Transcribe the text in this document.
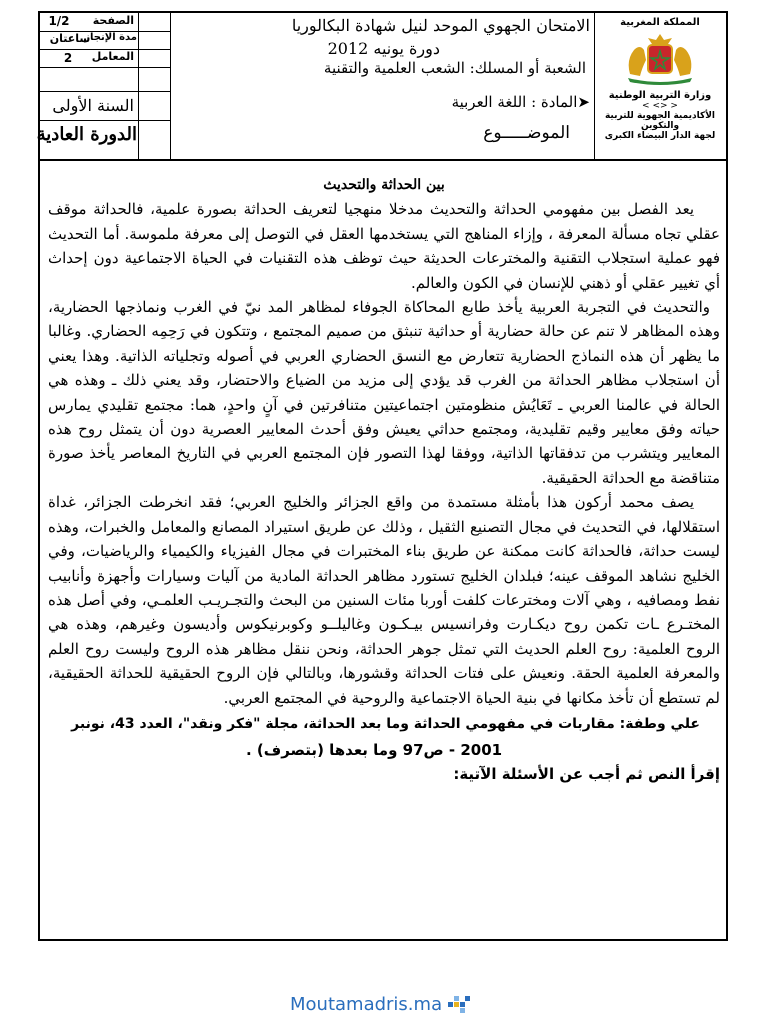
الصفحة
1/2
مدة الإنجاز
ساعتان
المعامل
2
السنة الأولى
الدورة العادية
الامتحان الجهوي الموحد لنيل شهادة البكالوريا
دورة يونيه 2012
الشعبة أو المسلك: الشعب العلمية والتقنية
➤المادة : اللغة العربية
الموضـــــوع
المملكة المغربية
وزارة التربية الوطنية
< <> >
الأكاديمية الجهوية للتربية والتكوين
لجهة الدار البيضاء الكبرى

بين الحداثة والتحديث

يعد الفصل بين مفهومي الحداثة والتحديث مدخلا منهجيا لتعريف الحداثة بصورة علمية، فالحداثة موقف عقلي تجاه مسألة المعرفة ، وإزاء المناهج التي يستخدمها العقل في التوصل إلى معرفة ملموسة. أما التحديث فهو عملية استجلاب التقنية والمخترعات الحديثة حيث توظف هذه التقنيات في الحياة الاجتماعية دون إحداث أي تغيير عقلي أو ذهني للإنسان في الكون والعالم.

والتحديث في التجربة العربية يأخذ طابع المحاكاة الجوفاء لمظاهر المد نيّ في الغرب ونماذجها الحضارية، وهذه المظاهر لا تنم عن حالة حضارية أو حداثية تنبثق من صميم المجتمع ، وتتكون في رَحِمِه الحضاري. وغالبا ما يظهر أن هذه النماذج الحضارية تتعارض مع النسق الحضاري العربي في أصوله وتجلياته الذاتية. وهذا يعني أن استجلاب مظاهر الحداثة من الغرب قد يؤدي إلى مزيد من الضياع والاحتضار، وقد يعني ذلك ـ وهذه هي الحالة في عالمنا العربي ـ تَعَايُش منظومتين اجتماعيتين متنافرتين في آنٍ واحدٍ، هما: مجتمع تقليدي يمارس حياته وفق معايير وقيم تقليدية، ومجتمع حداثي يعيش وفق أحدث المعايير العصرية دون أن يتمثل روح هذه المعايير ويتشرب من تدفقاتها الذاتية، ووفقا لهذا التصور فإن المجتمع العربي في التاريخ المعاصر يأخذ صورة متناقضة مع الحداثة الحقيقية.

يصف محمد أركون هذا بأمثلة مستمدة من واقع الجزائر والخليج العربي؛ فقد انخرطت الجزائر، غداة استقلالها، في التحديث في مجال التصنيع الثقيل ، وذلك عن طريق استيراد المصانع والمعامل والخبرات، وهذه ليست حداثة، فالحداثة كانت ممكنة عن طريق بناء المختبرات في مجال الفيزياء والكيمياء والرياضيات، وفي الخليج نشاهد الموقف عينه؛ فبلدان الخليج تستورد مظاهر الحداثة المادية من آليات وسيارات وأجهزة وأنابيب نفط ومصافيه ، وهي آلات ومخترعات كلفت أوربا مئات السنين من البحث والتجـريـب العلمـي، وفي أصل هذه المختـرع ـات تكمن روح ديكـارت وفرانسيس بيـكـون وغاليلــو وكوبرنيكوس وأديسون وغيرهم، وهذه هي الروح العلمية: روح العلم الحديث التي تمثل جوهر الحداثة، ونحن ننقل مظاهر هذه الروح وليست روح العلم والمعرفة العلمية الحقة. ونعيش على فتات الحداثة وقشورها، وبالتالي فإن الروح الحقيقية للحداثة الحقيقية، لم تستطع أن تأخذ مكانها في بنية الحياة الاجتماعية والروحية في المجتمع العربي.

علي وطفة: مقاربات في مفهومي الحداثة وما بعد الحداثة، مجلة "فكر ونقد"، العدد 43، نونبر

2001 - ص97 وما بعدها (بتصرف) .

إقرأ النص ثم أجب عن الأسئلة الآتية:

Moutamadris.ma
